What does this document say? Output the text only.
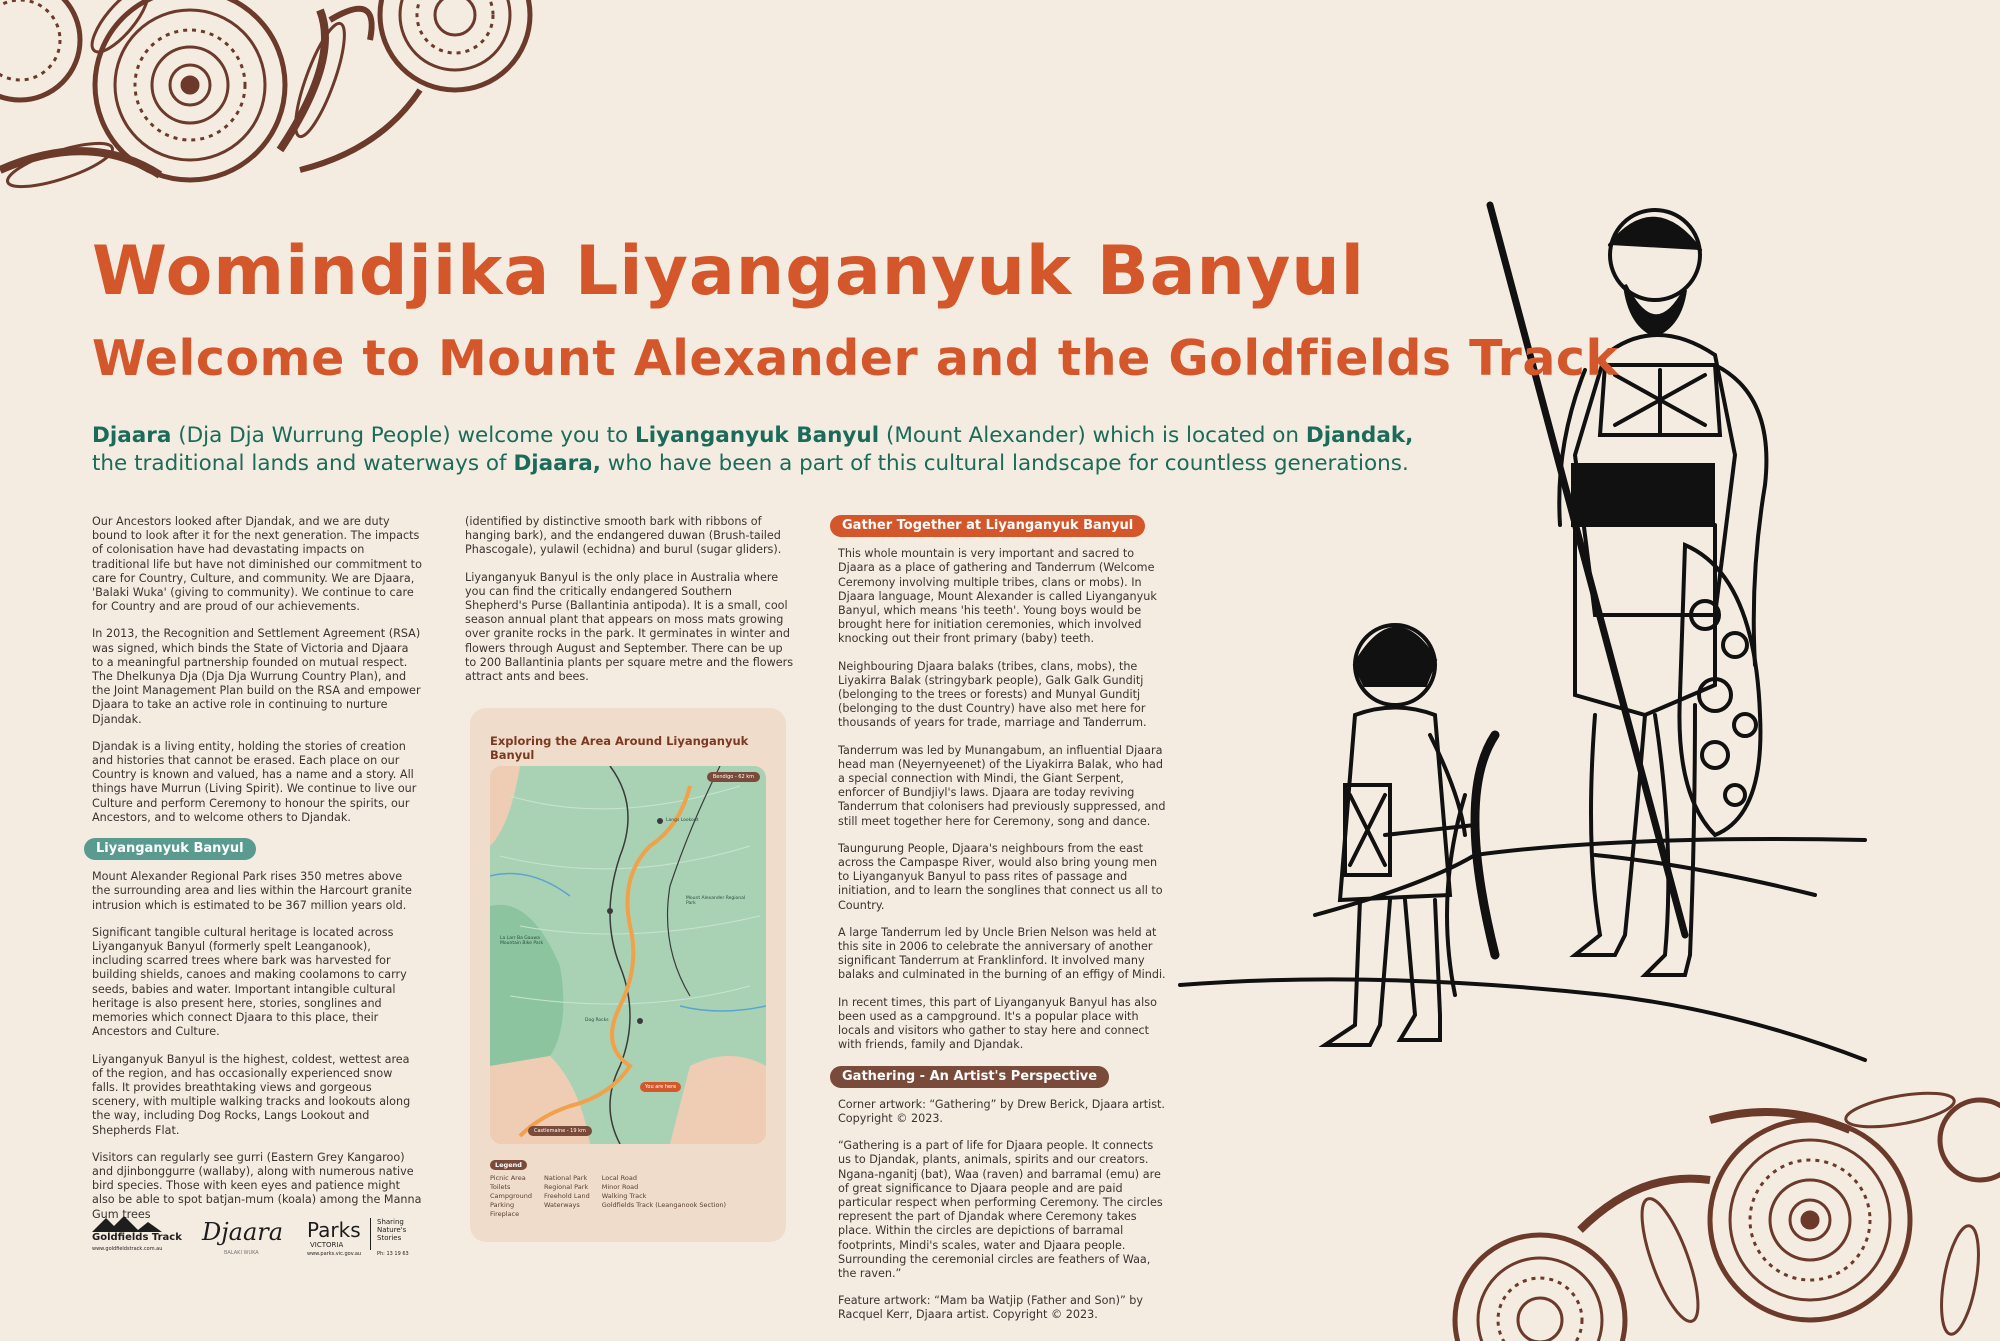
Womindjika Liyanganyuk Banyul
Welcome to Mount Alexander and the Goldfields Track
Djaara (Dja Dja Wurrung People) welcome you to Liyanganyuk Banyul (Mount Alexander) which is located on Djandak,
the traditional lands and waterways of Djaara, who have been a part of this cultural landscape for countless generations.

Our Ancestors looked after Djandak, and we are duty bound to look after it for the next generation. The impacts of colonisation have had devastating impacts on traditional life but have not diminished our commitment to care for Country, Culture, and community. We are Djaara, 'Balaki Wuka' (giving to community). We continue to care for Country and are proud of our achievements.

In 2013, the Recognition and Settlement Agreement (RSA) was signed, which binds the State of Victoria and Djaara to a meaningful partnership founded on mutual respect. The Dhelkunya Dja (Dja Dja Wurrung Country Plan), and the Joint Management Plan build on the RSA and empower Djaara to take an active role in continuing to nurture Djandak.

Djandak is a living entity, holding the stories of creation and histories that cannot be erased. Each place on our Country is known and valued, has a name and a story. All things have Murrun (Living Spirit). We continue to live our Culture and perform Ceremony to honour the spirits, our Ancestors, and to welcome others to Djandak.

Liyanganyuk Banyul

Mount Alexander Regional Park rises 350 metres above the surrounding area and lies within the Harcourt granite intrusion which is estimated to be 367 million years old.

Significant tangible cultural heritage is located across Liyanganyuk Banyul (formerly spelt Leanganook), including scarred trees where bark was harvested for building shields, canoes and making coolamons to carry seeds, babies and water. Important intangible cultural heritage is also present here, stories, songlines and memories which connect Djaara to this place, their Ancestors and Culture.

Liyanganyuk Banyul is the highest, coldest, wettest area of the region, and has occasionally experienced snow falls. It provides breathtaking views and gorgeous scenery, with multiple walking tracks and lookouts along the way, including Dog Rocks, Langs Lookout and Shepherds Flat.

Visitors can regularly see gurri (Eastern Grey Kangaroo) and djinbonggurre (wallaby), along with numerous native bird species. Those with keen eyes and patience might also be able to spot batjan-mum (koala) among the Manna Gum trees

(identified by distinctive smooth bark with ribbons of hanging bark), and the endangered duwan (Brush-tailed Phascogale), yulawil (echidna) and burul (sugar gliders).

Liyanganyuk Banyul is the only place in Australia where you can find the critically endangered Southern Shepherd's Purse (Ballantinia antipoda). It is a small, cool season annual plant that appears on moss mats growing over granite rocks in the park. It germinates in winter and flowers through August and September. There can be up to 200 Ballantinia plants per square metre and the flowers attract ants and bees.

Exploring the Area Around Liyanganyuk Banyul
Bendigo - 62 km
You are here
Castlemaine - 19 km
Mount Alexander Regional Park
La Larr Ba Gauwa Mountain Bike Park
Dog Rocks
Langs Lookout
Legend
Picnic Area
Toilets
Campground
Parking
Fireplace
National Park
Regional Park
Freehold Land
Waterways
Local Road
Minor Road
Walking Track
Goldfields Track (Leanganook Section)
Gather Together at Liyanganyuk Banyul

This whole mountain is very important and sacred to Djaara as a place of gathering and Tanderrum (Welcome Ceremony involving multiple tribes, clans or mobs). In Djaara language, Mount Alexander is called Liyanganyuk Banyul, which means 'his teeth'. Young boys would be brought here for initiation ceremonies, which involved knocking out their front primary (baby) teeth.

Neighbouring Djaara balaks (tribes, clans, mobs), the Liyakirra Balak (stringybark people), Galk Galk Gunditj (belonging to the trees or forests) and Munyal Gunditj (belonging to the dust Country) have also met here for thousands of years for trade, marriage and Tanderrum.

Tanderrum was led by Munangabum, an influential Djaara head man (Neyernyeenet) of the Liyakirra Balak, who had a special connection with Mindi, the Giant Serpent, enforcer of Bundjiyl's laws. Djaara are today reviving Tanderrum that colonisers had previously suppressed, and still meet together here for Ceremony, song and dance.

Taungurung People, Djaara's neighbours from the east across the Campaspe River, would also bring young men to Liyanganyuk Banyul to pass rites of passage and initiation, and to learn the songlines that connect us all to Country.

A large Tanderrum led by Uncle Brien Nelson was held at this site in 2006 to celebrate the anniversary of another significant Tanderrum at Franklinford. It involved many balaks and culminated in the burning of an effigy of Mindi.

In recent times, this part of Liyanganyuk Banyul has also been used as a campground. It's a popular place with locals and visitors who gather to stay here and connect with friends, family and Djandak.

Gathering - An Artist's Perspective

Corner artwork: “Gathering” by Drew Berick, Djaara artist. Copyright © 2023.

“Gathering is a part of life for Djaara people. It connects us to Djandak, plants, animals, spirits and our creators. Ngana-nganitj (bat), Waa (raven) and barramal (emu) are of great significance to Djaara people and are paid particular respect when performing Ceremony. The circles represent the part of Djandak where Ceremony takes place. Within the circles are depictions of barramal footprints, Mindi's scales, water and Djaara people. Surrounding the ceremonial circles are feathers of Waa, the raven.”

Feature artwork: “Mam ba Watjip (Father and Son)” by Racquel Kerr, Djaara artist. Copyright © 2023.

Goldfields Track
www.goldfieldstrack.com.au
Djaara
BALAKI WUKA
Parks
VICTORIA
www.parks.vic.gov.au
Sharing
Nature's
Stories
Ph: 13 19 63
